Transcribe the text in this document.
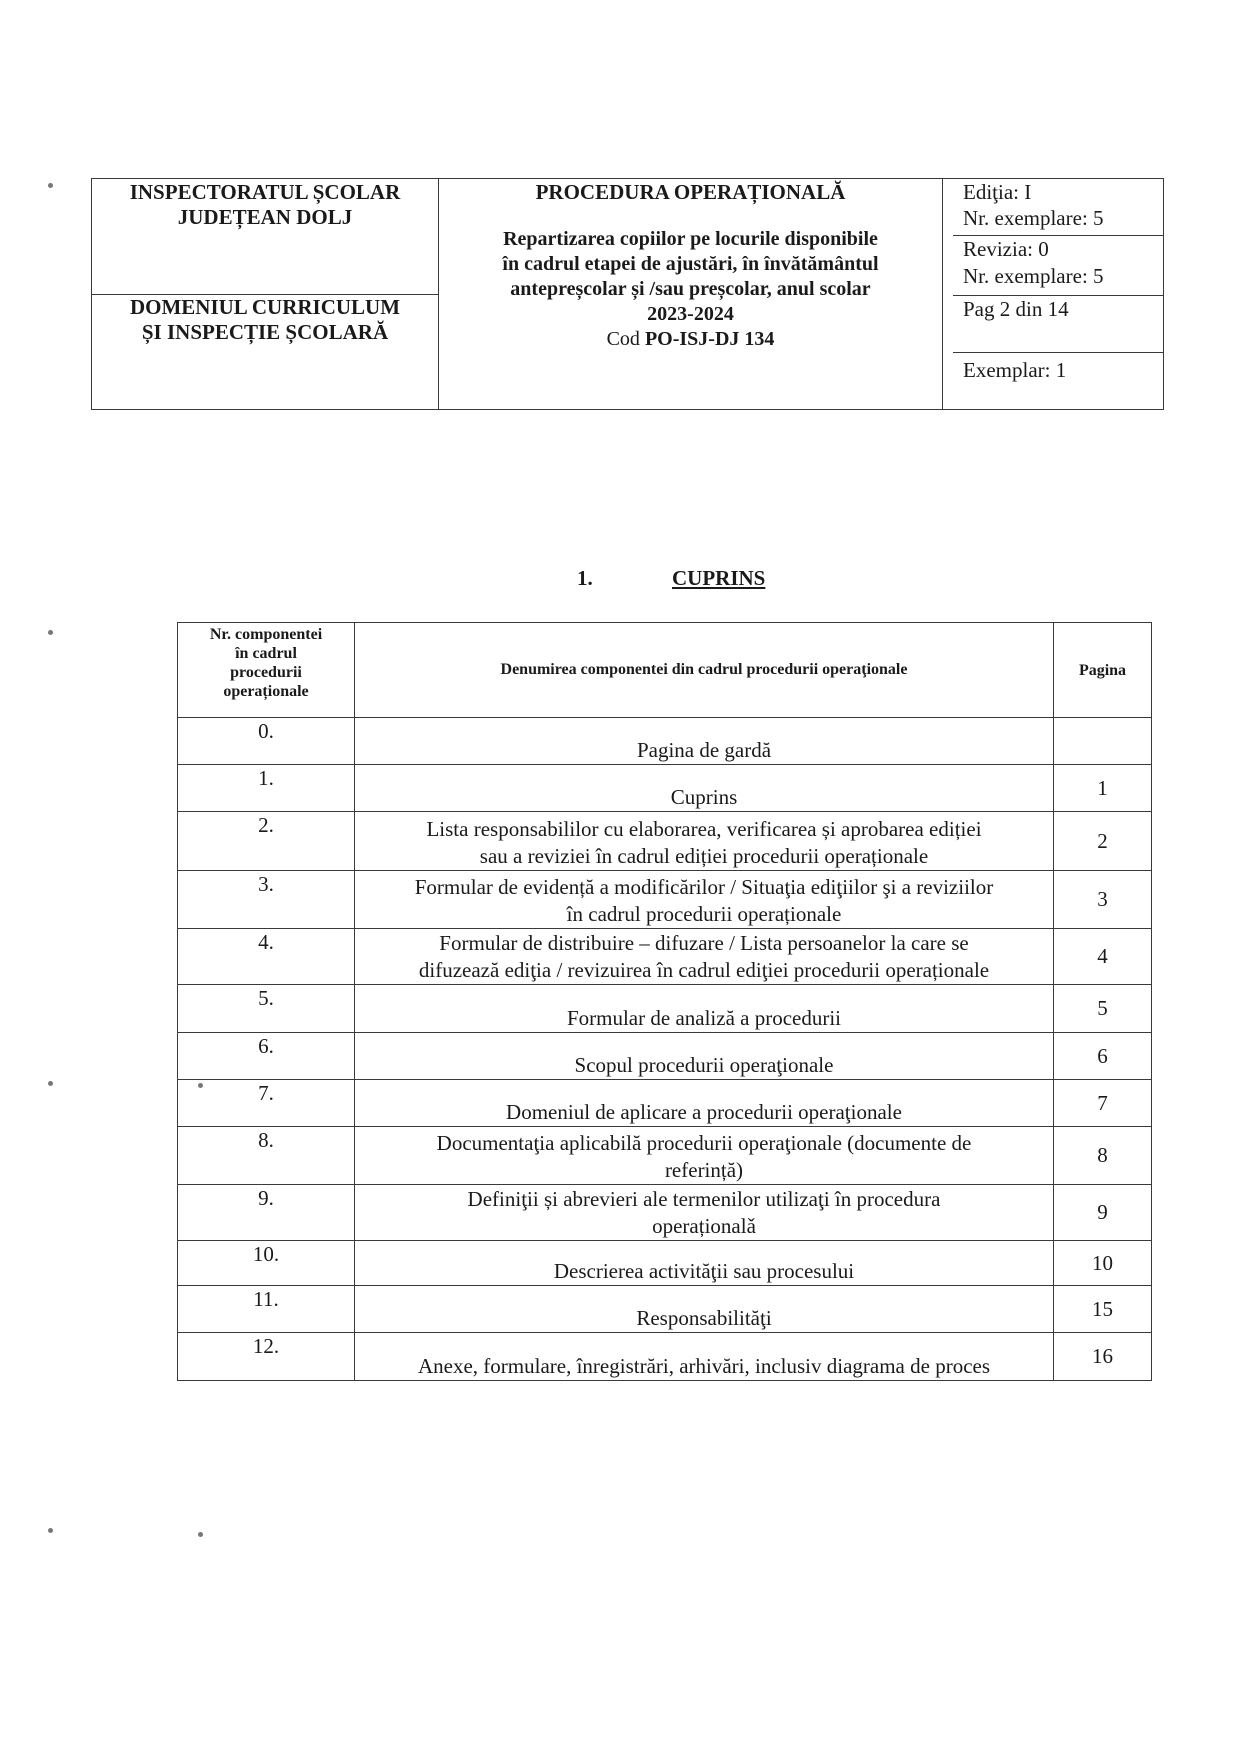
INSPECTORATUL ȘCOLAR
JUDEȚEAN DOLJ

PROCEDURA OPERAȚIONALĂ
Repartizarea copiilor pe locurile disponibile
în cadrul etapei de ajustări, în învătământul
antepreșcolar și /sau preșcolar, anul scolar
2023-2024
Cod PO-ISJ-DJ 134

Ediţia: I
Nr. exemplare: 5

Revizia: 0
Nr. exemplare: 5

Pag 2 din 14

Exemplar: 1

DOMENIUL CURRICULUM
ȘI INSPECȚIE ȘCOLARĂ
1.	CUPRINS
Nr. componentei
în cadrul
procedurii
operaționale	Denumirea componentei din cadrul procedurii operaţionale	Pagina
0.	Pagina de gardă	

1.	Cuprins	1
2.	Lista responsabililor cu elaborarea, verificarea și aprobarea ediției
sau a reviziei în cadrul ediției procedurii operaționale	2
3.	Formular de evidență a modificărilor / Situaţia ediţiilor şi a reviziilor
în cadrul procedurii operaționale	3
4.	Formular de distribuire – difuzare / Lista persoanelor la care se
difuzează ediţia / revizuirea în cadrul ediţiei procedurii operaționale	4
5.	Formular de analiză a procedurii	5
6.	Scopul procedurii operaţionale	6
7.	Domeniul de aplicare a procedurii operaţionale	7
8.	Documentaţia aplicabilă procedurii operaţionale (documente de
referință)	8
9.	Definiţii și abrevieri ale termenilor utilizaţi în procedura
operaționalǎ	9
10.	Descrierea activităţii sau procesului	10
11.	Responsabilităţi	15
12.	Anexe, formulare, înregistrări, arhivări, inclusiv diagrama de proces	16
